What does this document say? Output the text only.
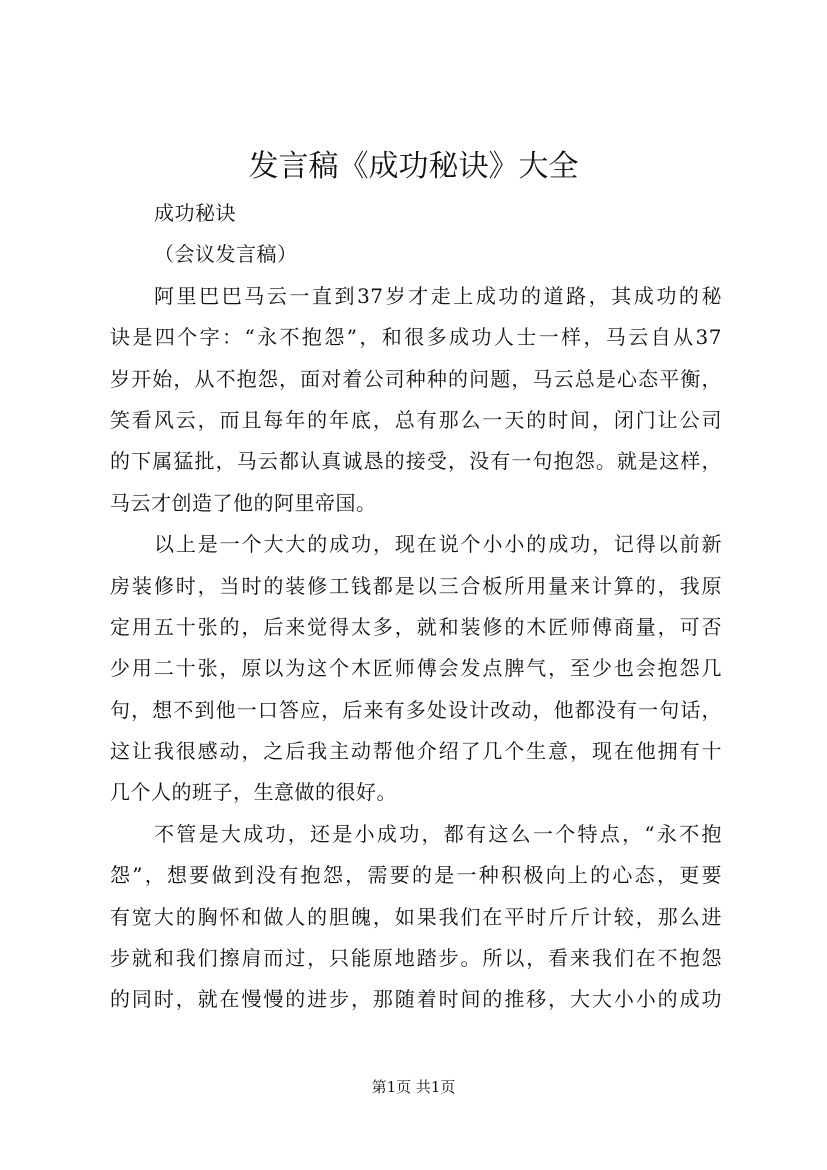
发言稿《成功秘诀》大全
成功秘诀
（会议发言稿）
阿里巴巴马云一直到37岁才走上成功的道路，其成功的秘
诀是四个字：“永不抱怨”，和很多成功人士一样，马云自从37
岁开始，从不抱怨，面对着公司种种的问题，马云总是心态平衡，
笑看风云，而且每年的年底，总有那么一天的时间，闭门让公司
的下属猛批，马云都认真诚恳的接受，没有一句抱怨。就是这样，
马云才创造了他的阿里帝国。
以上是一个大大的成功，现在说个小小的成功，记得以前新
房装修时，当时的装修工钱都是以三合板所用量来计算的，我原
定用五十张的，后来觉得太多，就和装修的木匠师傅商量，可否
少用二十张，原以为这个木匠师傅会发点脾气，至少也会抱怨几
句，想不到他一口答应，后来有多处设计改动，他都没有一句话，
这让我很感动，之后我主动帮他介绍了几个生意，现在他拥有十
几个人的班子，生意做的很好。
不管是大成功，还是小成功，都有这么一个特点，“永不抱
怨”，想要做到没有抱怨，需要的是一种积极向上的心态，更要
有宽大的胸怀和做人的胆魄，如果我们在平时斤斤计较，那么进
步就和我们擦肩而过，只能原地踏步。所以，看来我们在不抱怨
的同时，就在慢慢的进步，那随着时间的推移，大大小小的成功
第1页 共1页
